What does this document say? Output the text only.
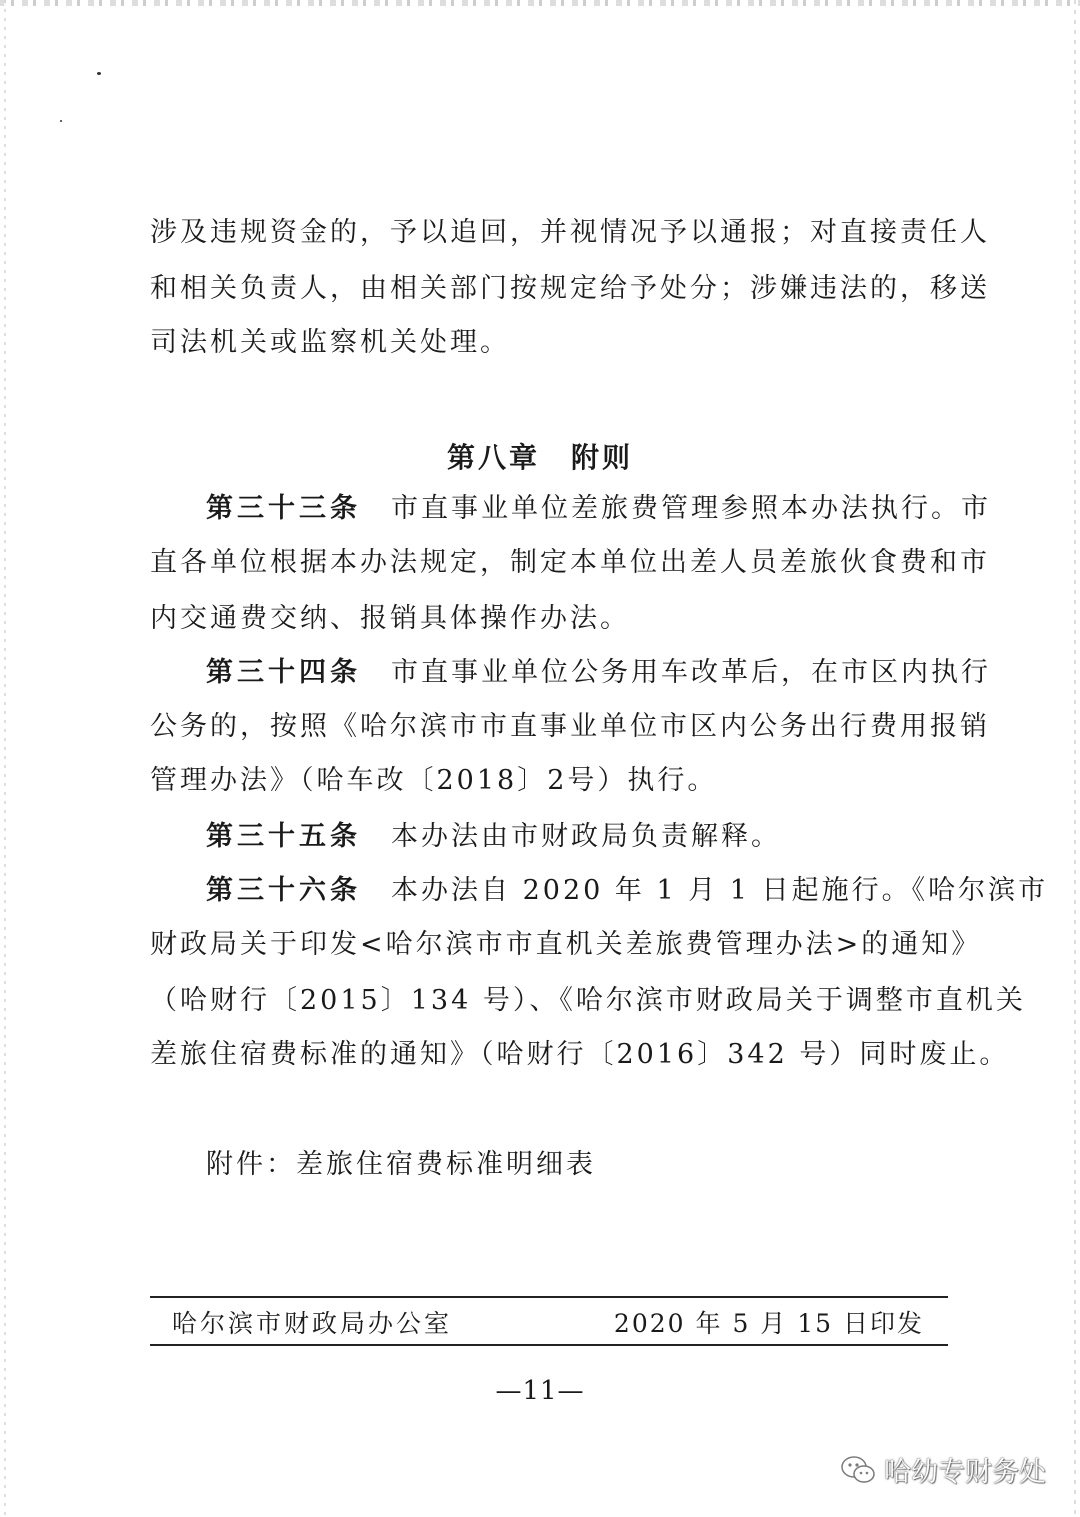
涉及违规资金的，予以追回，并视情况予以通报；对直接责任人
和相关负责人，由相关部门按规定给予处分；涉嫌违法的，移送
司法机关或监察机关处理。
第八章　附则
第三十三条 市直事业单位差旅费管理参照本办法执行。市
直各单位根据本办法规定，制定本单位出差人员差旅伙食费和市
内交通费交纳、报销具体操作办法。
第三十四条 市直事业单位公务用车改革后，在市区内执行
公务的，按照《哈尔滨市市直事业单位市区内公务出行费用报销
管理办法》（哈车改〔2018〕2号）执行。
第三十五条 本办法由市财政局负责解释。
第三十六条 本办法自 2020 年 1 月 1 日起施行。《哈尔滨市
财政局关于印发<哈尔滨市市直机关差旅费管理办法>的通知》
（哈财行〔2015〕134 号）、《哈尔滨市财政局关于调整市直机关
差旅住宿费标准的通知》（哈财行〔2016〕342 号）同时废止。
附件：差旅住宿费标准明细表
哈尔滨市财政局办公室	2020 年 5 月 15 日印发
—11—
哈幼专财务处
